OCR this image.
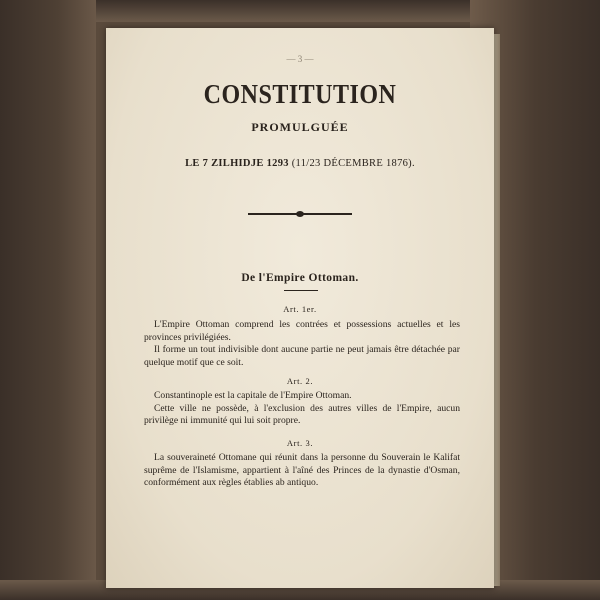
— 3 —
CONSTITUTION
PROMULGUÉE
LE 7 ZILHIDJE 1293 (11/23 DÉCEMBRE 1876).
De l'Empire Ottoman.
Art. 1er.

L'Empire Ottoman comprend les contrées et possessions actuelles et les provinces privilégiées.

Il forme un tout indivisible dont aucune partie ne peut jamais être détachée par quelque motif que ce soit.

Art. 2.

Constantinople est la capitale de l'Empire Ottoman.

Cette ville ne possède, à l'exclusion des autres villes de l'Empire, aucun privilège ni immunité qui lui soit propre.

Art. 3.

La souveraineté Ottomane qui réunit dans la personne du Souverain le Kalifat suprême de l'Islamisme, appartient à l'aîné des Princes de la dynastie d'Osman, conformément aux règles établies ab antiquo.
